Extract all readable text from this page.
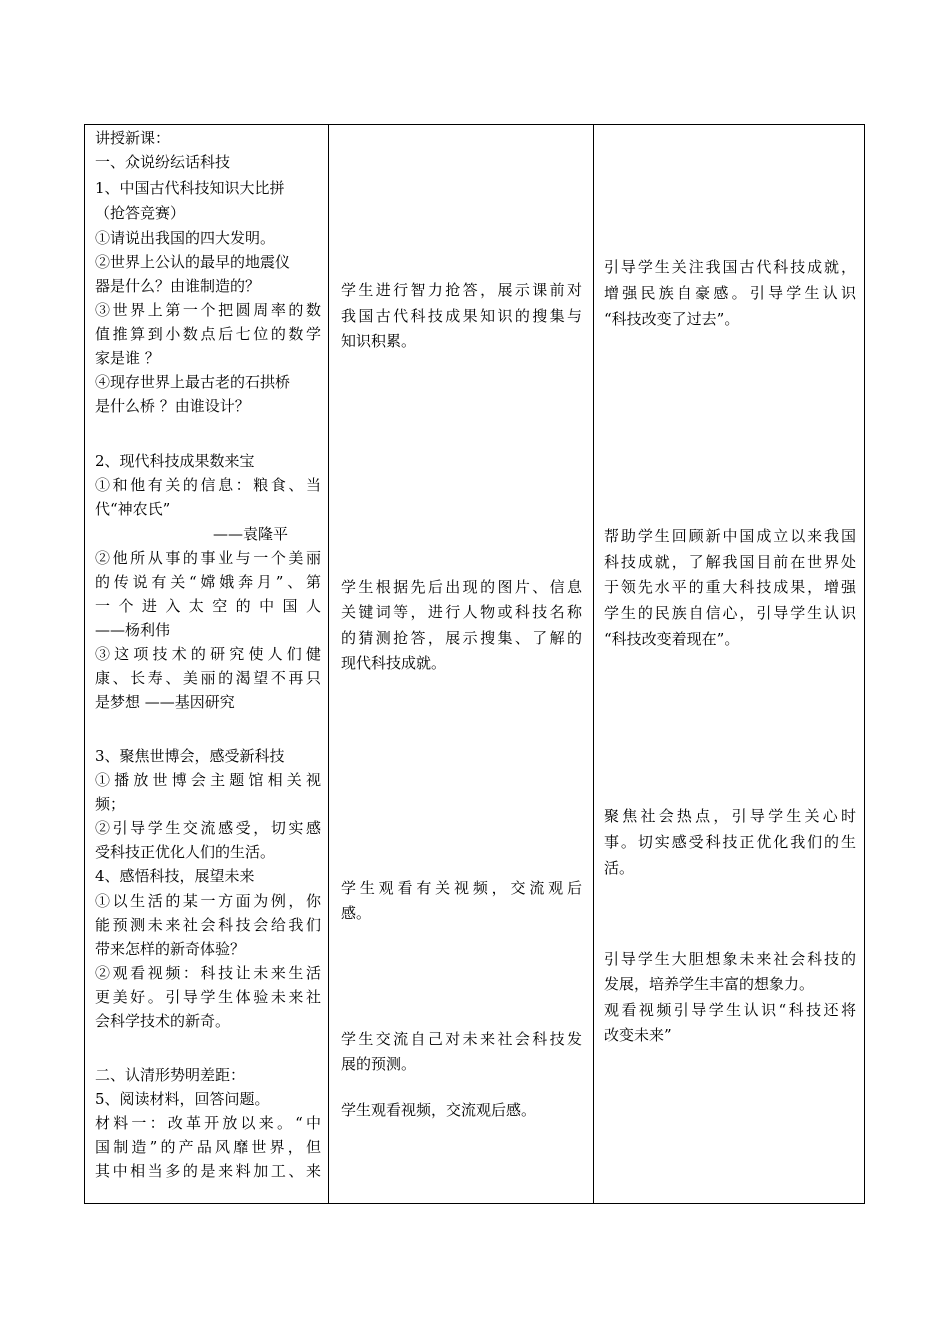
讲授新课：
一、众说纷纭话科技
1、中国古代科技知识大比拼
（抢答竞赛）
①请说出我国的四大发明。
②世界上公认的最早的地震仪
器是什么？由谁制造的？
③世界上第一个把圆周率的数
值推算到小数点后七位的数学
家是谁 ？
④现存世界上最古老的石拱桥
是什么桥 ？由谁设计？
2、现代科技成果数来宝
①和他有关的信息：粮食、当
代“神农氏”
——袁隆平
②他所从事的事业与一个美丽
的传说有关“嫦娥奔月”、第
一个进入太空的中国人
——杨利伟
③这项技术的研究使人们健
康、长寿、美丽的渴望不再只
是梦想 ——基因研究
3、聚焦世博会，感受新科技
①播放世博会主题馆相关视
频；
②引导学生交流感受，切实感
受科技正优化人们的生活。
4、感悟科技，展望未来
①以生活的某一方面为例，你
能预测未来社会科技会给我们
带来怎样的新奇体验？
②观看视频：科技让未来生活
更美好。引导学生体验未来社
会科学技术的新奇。
二、认清形势明差距：
5、阅读材料，回答问题。
材料一：改革开放以来。“中
国制造”的产品风靡世界，但
其中相当多的是来料加工、来
学生进行智力抢答，展示课前对
我国古代科技成果知识的搜集与
知识积累。
学生根据先后出现的图片、信息
关键词等，进行人物或科技名称
的猜测抢答，展示搜集、了解的
现代科技成就。
学生观看有关视频，交流观后
感。
学生交流自己对未来社会科技发
展的预测。
学生观看视频，交流观后感。
引导学生关注我国古代科技成就，
增强民族自豪感。引导学生认识
“科技改变了过去”。
帮助学生回顾新中国成立以来我国
科技成就，了解我国目前在世界处
于领先水平的重大科技成果，增强
学生的民族自信心，引导学生认识
“科技改变着现在”。
聚焦社会热点，引导学生关心时
事。切实感受科技正优化我们的生
活。
引导学生大胆想象未来社会科技的
发展，培养学生丰富的想象力。
观看视频引导学生认识“科技还将
改变未来”
